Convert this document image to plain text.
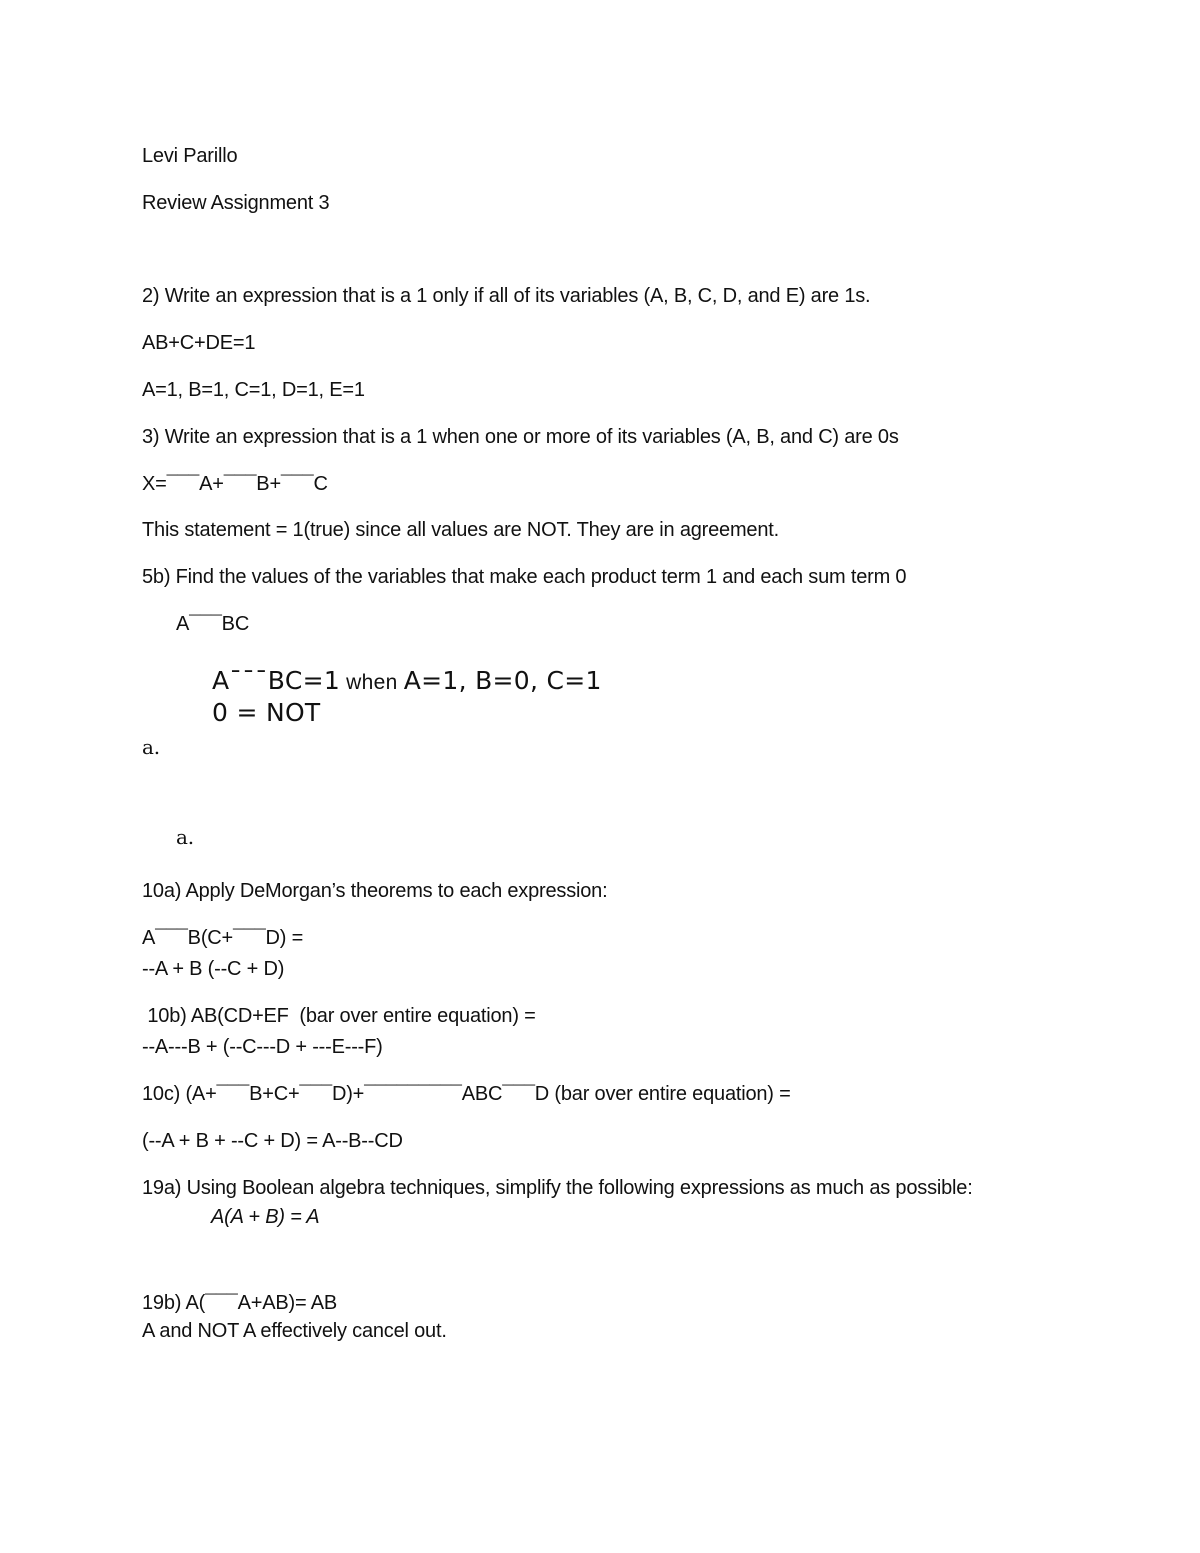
Levi Parillo
Review Assignment 3
2) Write an expression that is a 1 only if all of its variables (A, B, C, D, and E) are 1s.
AB+C+DE=1
A=1, B=1, C=1, D=1, E=1
3) Write an expression that is a 1 when one or more of its variables (A, B, and C) are 0s
X=¯¯¯A+¯¯¯B+¯¯¯C
This statement = 1(true) since all values are NOT. They are in agreement.
5b) Find the values of the variables that make each product term 1 and each sum term 0
A¯¯¯BC
A¯¯¯BC=1 when A=1, B=0, C=1
0 = NOT
a.
a.
10a) Apply DeMorgan’s theorems to each expression:
A¯¯¯B(C+¯¯¯D) =
--A + B (--C + D)
10b) AB(CD+EF  (bar over entire equation) =
--A---B + (--C---D + ---E---F)
10c) (A+¯¯¯B+C+¯¯¯D)+¯¯¯¯¯¯¯¯¯ABC¯¯¯D (bar over entire equation) =
(--A + B + --C + D) = A--B--CD
19a) Using Boolean algebra techniques, simplify the following expressions as much as possible:
A(A + B) = A
19b) A(¯¯¯A+AB)= AB
A and NOT A effectively cancel out.
